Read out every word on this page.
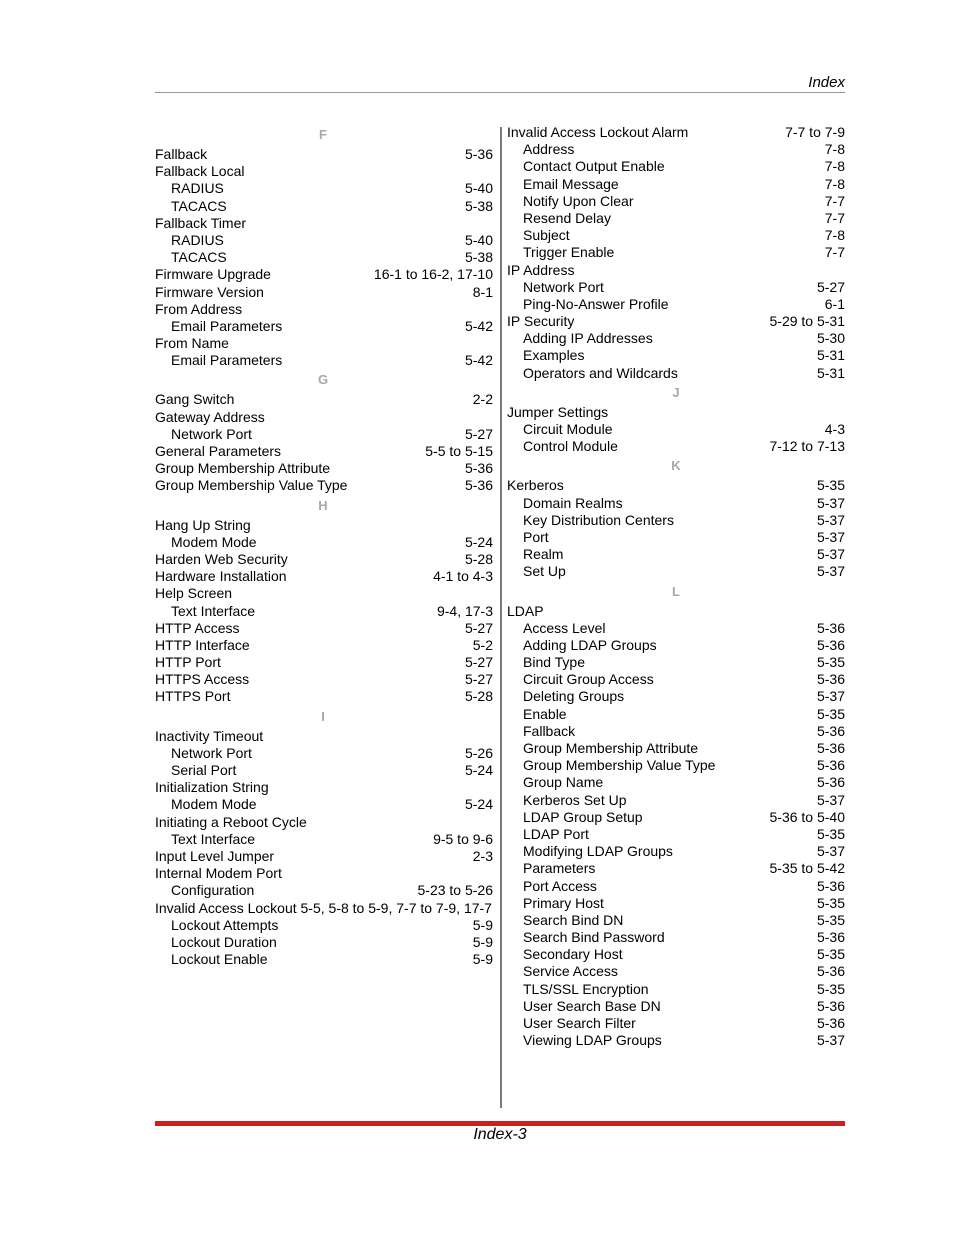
Index
F
Fallback	5-36
Fallback Local
RADIUS	5-40
TACACS	5-38
Fallback Timer
RADIUS	5-40
TACACS	5-38
Firmware Upgrade	16-1 to 16-2, 17-10
Firmware Version	8-1
From Address
Email Parameters	5-42
From Name
Email Parameters	5-42
G
Gang Switch	2-2
Gateway Address
Network Port	5-27
General Parameters	5-5 to 5-15
Group Membership Attribute	5-36
Group Membership Value Type	5-36
H
Hang Up String
Modem Mode	5-24
Harden Web Security	5-28
Hardware Installation	4-1 to 4-3
Help Screen
Text Interface	9-4, 17-3
HTTP Access	5-27
HTTP Interface	5-2
HTTP Port	5-27
HTTPS Access	5-27
HTTPS Port	5-28
I
Inactivity Timeout
Network Port	5-26
Serial Port	5-24
Initialization String
Modem Mode	5-24
Initiating a Reboot Cycle
Text Interface	9-5 to 9-6
Input Level Jumper	2-3
Internal Modem Port
Configuration	5-23 to 5-26
Invalid Access Lockout 5-5, 5-8 to 5-9, 7-7 to 7-9, 17-7
Lockout Attempts	5-9
Lockout Duration	5-9
Lockout Enable	5-9
Invalid Access Lockout Alarm	7-7 to 7-9
Address	7-8
Contact Output Enable	7-8
Email Message	7-8
Notify Upon Clear	7-7
Resend Delay	7-7
Subject	7-8
Trigger Enable	7-7
IP Address
Network Port	5-27
Ping-No-Answer Profile	6-1
IP Security	5-29 to 5-31
Adding IP Addresses	5-30
Examples	5-31
Operators and Wildcards	5-31
J
Jumper Settings
Circuit Module	4-3
Control Module	7-12 to 7-13
K
Kerberos	5-35
Domain Realms	5-37
Key Distribution Centers	5-37
Port	5-37
Realm	5-37
Set Up	5-37
L
LDAP
Access Level	5-36
Adding LDAP Groups	5-36
Bind Type	5-35
Circuit Group Access	5-36
Deleting Groups	5-37
Enable	5-35
Fallback	5-36
Group Membership Attribute	5-36
Group Membership Value Type	5-36
Group Name	5-36
Kerberos Set Up	5-37
LDAP Group Setup	5-36 to 5-40
LDAP Port	5-35
Modifying LDAP Groups	5-37
Parameters	5-35 to 5-42
Port Access	5-36
Primary Host	5-35
Search Bind DN	5-35
Search Bind Password	5-36
Secondary Host	5-35
Service Access	5-36
TLS/SSL Encryption	5-35
User Search Base DN	5-36
User Search Filter	5-36
Viewing LDAP Groups	5-37
Index-3
